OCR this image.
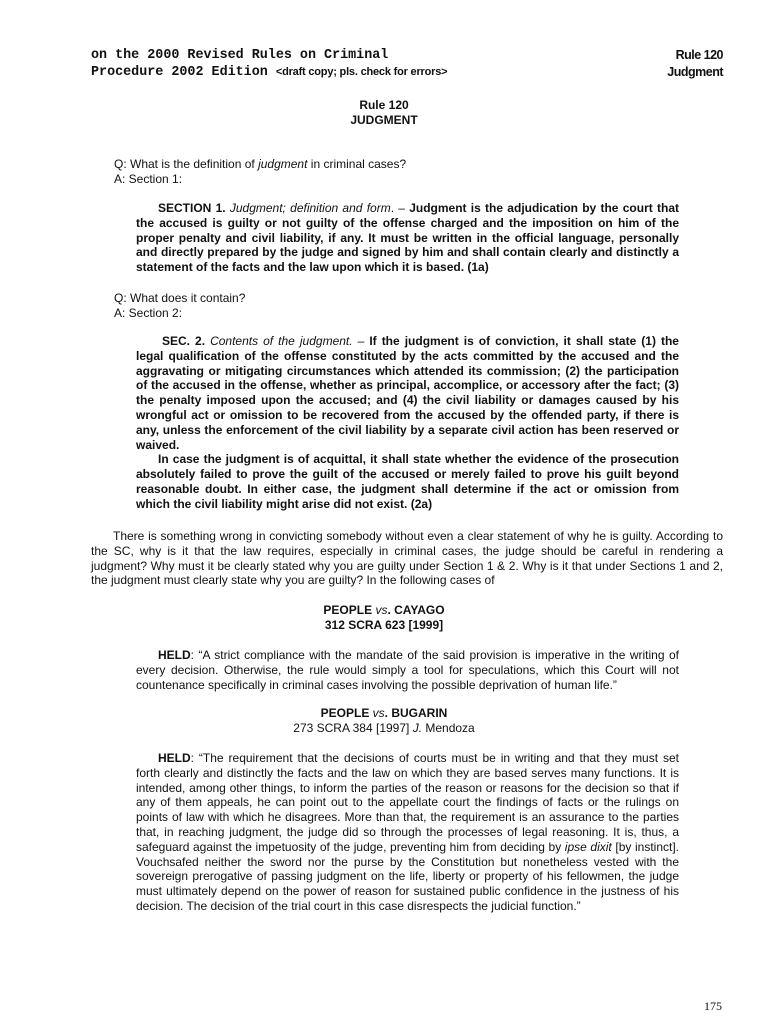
on the 2000 Revised Rules on Criminal
Procedure 2002 Edition <draft copy; pls. check for errors>
Rule 120
Judgment
Rule 120
JUDGMENT
Q: What is the definition of judgment in criminal cases?
A: Section 1:
SECTION 1. Judgment; definition and form. – Judgment is the adjudication by the court that the accused is guilty or not guilty of the offense charged and the imposition on him of the proper penalty and civil liability, if any. It must be written in the official language, personally and directly prepared by the judge and signed by him and shall contain clearly and distinctly a statement of the facts and the law upon which it is based. (1a)
Q: What does it contain?
A: Section 2:
SEC. 2. Contents of the judgment. – If the judgment is of conviction, it shall state (1) the legal qualification of the offense constituted by the acts committed by the accused and the aggravating or mitigating circumstances which attended its commission; (2) the participation of the accused in the offense, whether as principal, accomplice, or accessory after the fact; (3) the penalty imposed upon the accused; and (4) the civil liability or damages caused by his wrongful act or omission to be recovered from the accused by the offended party, if there is any, unless the enforcement of the civil liability by a separate civil action has been reserved or waived.
In case the judgment is of acquittal, it shall state whether the evidence of the prosecution absolutely failed to prove the guilt of the accused or merely failed to prove his guilt beyond reasonable doubt. In either case, the judgment shall determine if the act or omission from which the civil liability might arise did not exist. (2a)
There is something wrong in convicting somebody without even a clear statement of why he is guilty. According to the SC, why is it that the law requires, especially in criminal cases, the judge should be careful in rendering a judgment? Why must it be clearly stated why you are guilty under Section 1 & 2. Why is it that under Sections 1 and 2, the judgment must clearly state why you are guilty? In the following cases of
PEOPLE vs. CAYAGO
312 SCRA 623 [1999]
HELD: “A strict compliance with the mandate of the said provision is imperative in the writing of every decision. Otherwise, the rule would simply a tool for speculations, which this Court will not countenance specifically in criminal cases involving the possible deprivation of human life.”
PEOPLE vs. BUGARIN
273 SCRA 384 [1997] J. Mendoza
HELD: “The requirement that the decisions of courts must be in writing and that they must set forth clearly and distinctly the facts and the law on which they are based serves many functions. It is intended, among other things, to inform the parties of the reason or reasons for the decision so that if any of them appeals, he can point out to the appellate court the findings of facts or the rulings on points of law with which he disagrees. More than that, the requirement is an assurance to the parties that, in reaching judgment, the judge did so through the processes of legal reasoning. It is, thus, a safeguard against the impetuosity of the judge, preventing him from deciding by ipse dixit [by instinct]. Vouchsafed neither the sword nor the purse by the Constitution but nonetheless vested with the sovereign prerogative of passing judgment on the life, liberty or property of his fellowmen, the judge must ultimately depend on the power of reason for sustained public confidence in the justness of his decision. The decision of the trial court in this case disrespects the judicial function.”
175
